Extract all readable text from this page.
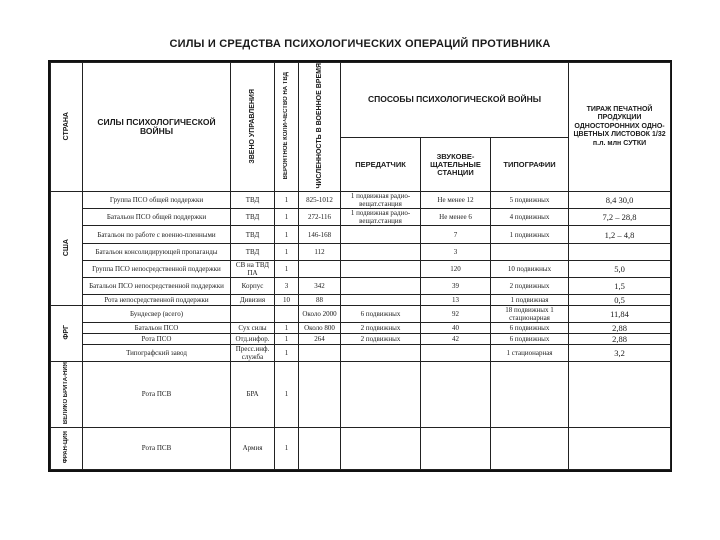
СИЛЫ И СРЕДСТВА ПСИХОЛОГИЧЕСКИХ ОПЕРАЦИЙ ПРОТИВНИКА
СТРАНА	СИЛЫ ПСИХОЛОГИЧЕСКОЙ ВОЙНЫ	ЗВЕНО УПРАВЛЕНИЯ	ВЕРОЯТНОЕ КОЛИ-ЧЕСТВО НА ТВД	ЧИСЛЕННОСТЬ В ВОЕННОЕ ВРЕМЯ	СПОСОБЫ ПСИХОЛОГИЧЕСКОЙ ВОЙНЫ			ТИРАЖ ПЕЧАТНОЙ ПРОДУКЦИИ ОДНОСТОРОННИХ ОДНО-ЦВЕТНЫХ ЛИСТОВОК 1/32 п.л. млн СУТКИ
					ПЕРЕДАТЧИК	ЗВУКОВЕ-ЩАТЕЛЬНЫЕ СТАНЦИИ	ТИПОГРАФИИ	
США	Группа ПСО общей поддержки	ТВД	1	825-1012	1 подвижная радио-вещат.станция	Не менее 12	5 подвижных	8,4 30,0
	Батальон ПСО общей поддержки	ТВД	1	272-116	1 подвижная радио-вещат.станция	Не менее 6	4 подвижных	7,2 – 28,8
	Батальон по работе с военно-пленными	ТВД	1	146-168		7	1 подвижных	1,2 – 4,8
	Батальон консолидирующей пропаганды	ТВД	1	112		3		
	Группа ПСО непосредственной поддержки	СВ на ТВД ПА	1			120	10 подвижных	5,0
	Батальон ПСО непосредственной поддержки	Корпус	3	342		39	2 подвижных	1,5
	Рота непосредственной поддержки	Дивизия	10	88		13	1 подвижная	0,5
ФРГ	Бундесвер (всего)			Около 2000	6 подвижных	92	18 подвижных 1 стационарная	11,84
	Батальон ПСО	Сух силы	1	Около 800	2 подвижных	40	6 подвижных	2,88
	Рота ПСО	Отд.инфор.	1	264	2 подвижных	42	6 подвижных	2,88
	Типографский завод	Пресс.инф. служба	1				1 стационарная	3,2
ВЕЛИКО БРИТА-НИЯ	Рота ПСВ	БРА	1					
ФРАН-ЦИЯ	Рота ПСВ	Армия	1					
